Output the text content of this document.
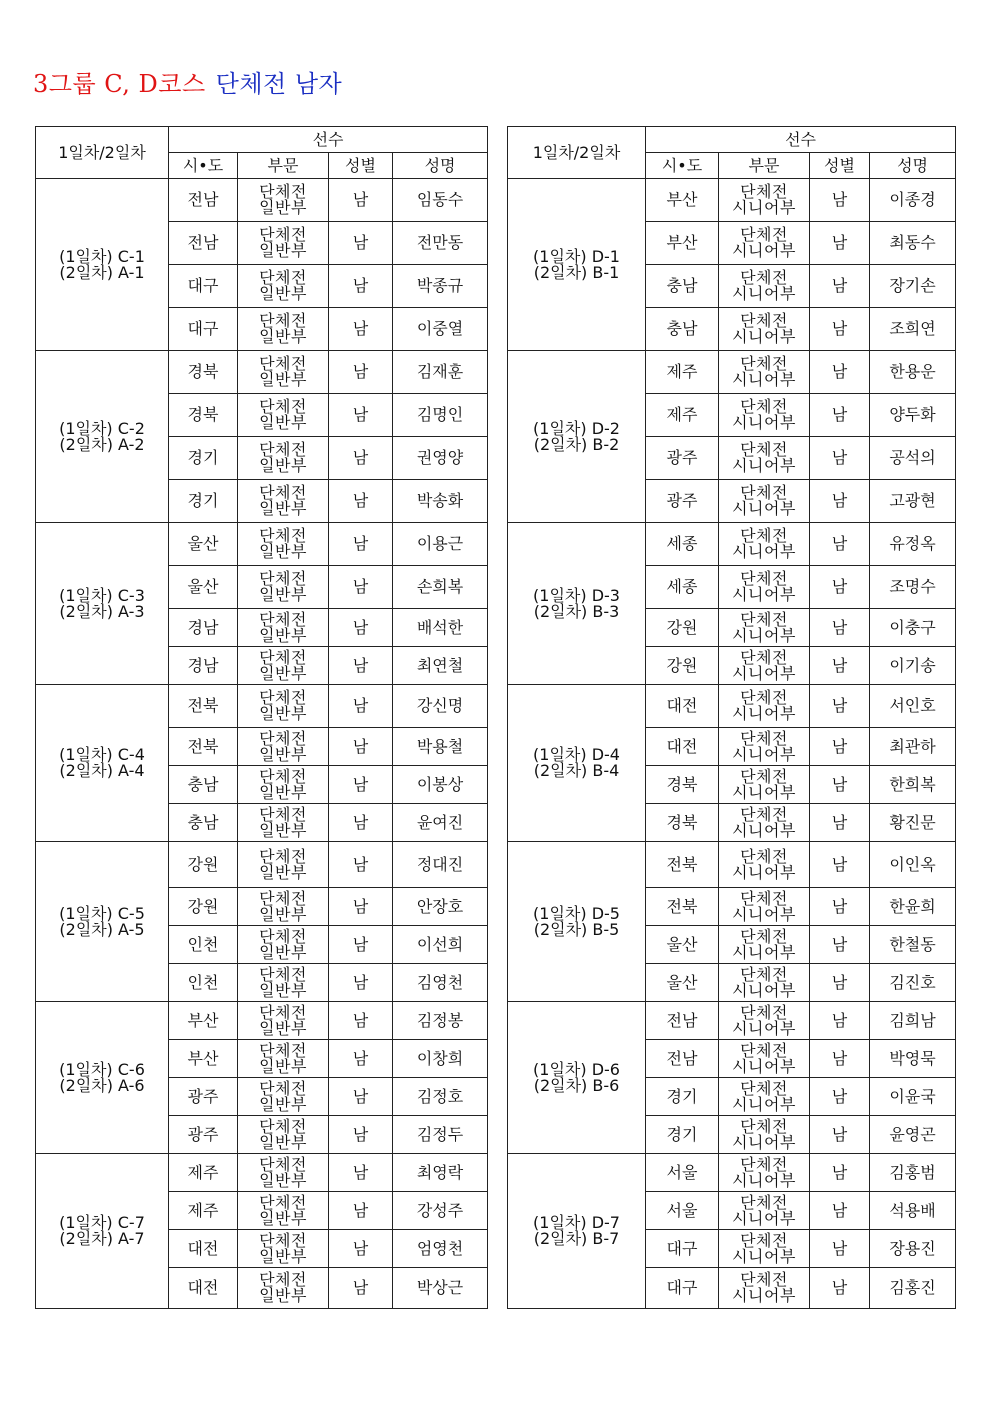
3그룹 C, D코스 단체전 남자
1일차/2일차	선수			
	시•도	부문	성별	성명

(1일차) C-1
(2일차) A-1	전남	단체전
일반부	남	임동수
	전남	단체전
일반부	남	전만동
	대구	단체전
일반부	남	박종규
	대구	단체전
일반부	남	이중열

(1일차) C-2
(2일차) A-2	경북	단체전
일반부	남	김재훈
	경북	단체전
일반부	남	김명인
	경기	단체전
일반부	남	권영양
	경기	단체전
일반부	남	박송화

(1일차) C-3
(2일차) A-3	울산	단체전
일반부	남	이용근
	울산	단체전
일반부	남	손희복
	경남	단체전
일반부	남	배석한
	경남	단체전
일반부	남	최연철

(1일차) C-4
(2일차) A-4	전북	단체전
일반부	남	강신명
	전북	단체전
일반부	남	박용철
	충남	단체전
일반부	남	이봉상
	충남	단체전
일반부	남	윤여진

(1일차) C-5
(2일차) A-5	강원	단체전
일반부	남	정대진
	강원	단체전
일반부	남	안장호
	인천	단체전
일반부	남	이선희
	인천	단체전
일반부	남	김영천

(1일차) C-6
(2일차) A-6	부산	단체전
일반부	남	김정봉
	부산	단체전
일반부	남	이창희
	광주	단체전
일반부	남	김정호
	광주	단체전
일반부	남	김정두

(1일차) C-7
(2일차) A-7	제주	단체전
일반부	남	최영락
	제주	단체전
일반부	남	강성주
	대전	단체전
일반부	남	엄영천
	대전	단체전
일반부	남	박상근
1일차/2일차	선수			
	시•도	부문	성별	성명

(1일차) D-1
(2일차) B-1	부산	단체전
시니어부	남	이종경
	부산	단체전
시니어부	남	최동수
	충남	단체전
시니어부	남	장기손
	충남	단체전
시니어부	남	조희연

(1일차) D-2
(2일차) B-2	제주	단체전
시니어부	남	한용운
	제주	단체전
시니어부	남	양두화
	광주	단체전
시니어부	남	공석의
	광주	단체전
시니어부	남	고광현

(1일차) D-3
(2일차) B-3	세종	단체전
시니어부	남	유정옥
	세종	단체전
시니어부	남	조명수
	강원	단체전
시니어부	남	이충구
	강원	단체전
시니어부	남	이기송

(1일차) D-4
(2일차) B-4	대전	단체전
시니어부	남	서인호
	대전	단체전
시니어부	남	최관하
	경북	단체전
시니어부	남	한희복
	경북	단체전
시니어부	남	황진문

(1일차) D-5
(2일차) B-5	전북	단체전
시니어부	남	이인옥
	전북	단체전
시니어부	남	한윤희
	울산	단체전
시니어부	남	한철동
	울산	단체전
시니어부	남	김진호

(1일차) D-6
(2일차) B-6	전남	단체전
시니어부	남	김희남
	전남	단체전
시니어부	남	박영묵
	경기	단체전
시니어부	남	이윤국
	경기	단체전
시니어부	남	윤영곤

(1일차) D-7
(2일차) B-7	서울	단체전
시니어부	남	김홍범
	서울	단체전
시니어부	남	석용배
	대구	단체전
시니어부	남	장용진
	대구	단체전
시니어부	남	김홍진
